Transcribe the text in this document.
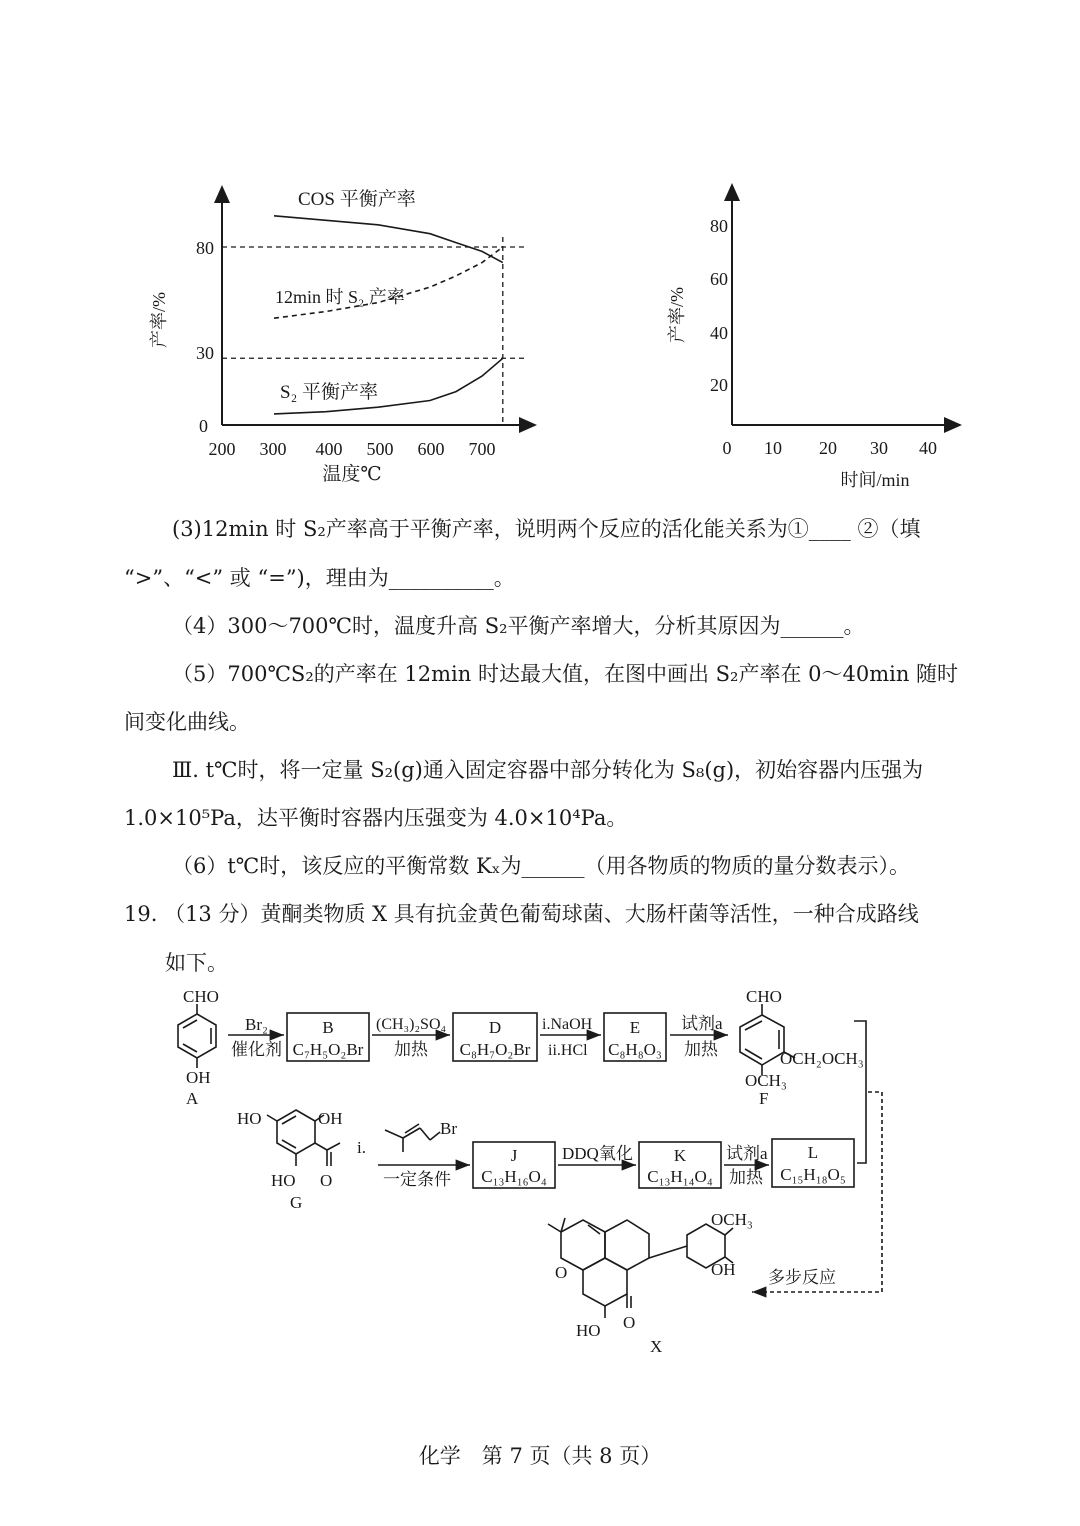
COS 平衡产率
12min 时 S₂ 产率
S₂ 平衡产率
80
30
0
200 300 400 500 600 700
温度℃
产率/%
80
60
40
20
0 10 20 30 40
时间/min
产率/%
(3)12min 时 S₂产率高于平衡产率，说明两个反应的活化能关系为①____ ②（填
“>”、“<” 或 “=”)，理由为__________。
（4）300～700℃时，温度升高 S₂平衡产率增大，分析其原因为______。
（5）700℃S₂的产率在 12min 时达最大值，在图中画出 S₂产率在 0～40min 随时
间变化曲线。
Ⅲ. t℃时，将一定量 S₂(g)通入固定容器中部分转化为 S₈(g)，初始容器内压强为
1.0×10⁵Pa，达平衡时容器内压强变为 4.0×10⁴Pa。
（6）t℃时，该反应的平衡常数 Kₓ为______（用各物质的物质的量分数表示）。
19. （13 分）黄酮类物质 X 具有抗金黄色葡萄球菌、大肠杆菌等活性，一种合成路线
如下。
CHO
OH
A
Br₂
催化剂
B
C₇H₅O₂Br
(CH₃)₂SO₄
加热
D
C₈H₇O₂Br
i.NaOH
ii.HCl
E
C₈H₈O₃
试剂a
加热
CHO
OCH₂OCH₃
OCH₃
F
HO	OH
HO O
G
i.
Br
一定条件
J
C₁₃H₁₆O₄
DDQ氧化 K
C₁₃H₁₄O₄
试剂a
加热
L
C₁₅H₁₈O₅
OCH₃
OH
O
HO O
X
多步反应
化学　第 7 页（共 8 页）
